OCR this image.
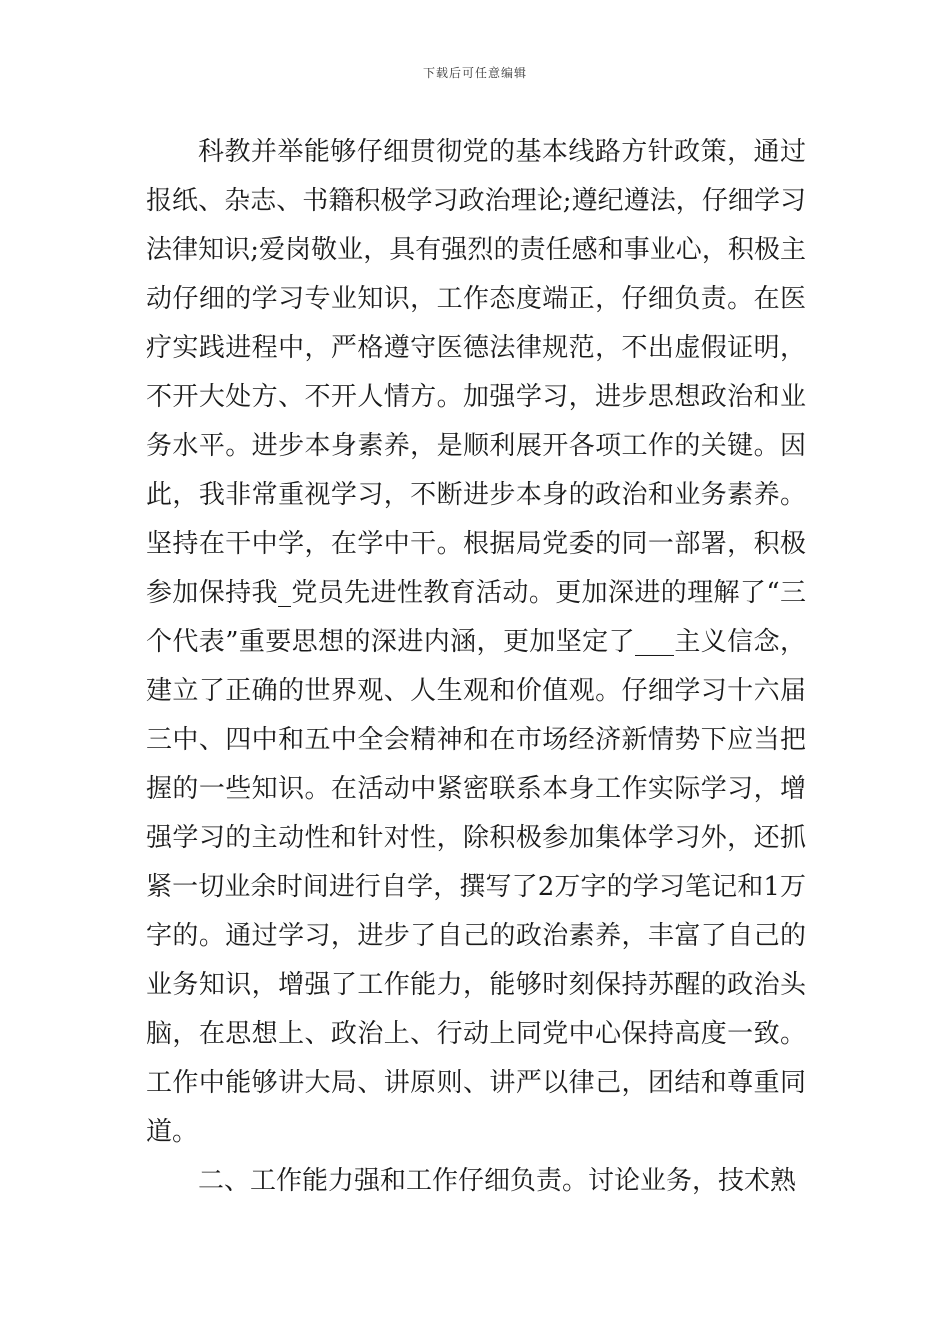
下载后可任意编辑

科教并举能够仔细贯彻党的基本线路方针政策，通过报纸、杂志、书籍积极学习政治理论;遵纪遵法，仔细学习法律知识;爱岗敬业，具有强烈的责任感和事业心，积极主动仔细的学习专业知识，工作态度端正，仔细负责。在医疗实践进程中，严格遵守医德法律规范，不出虚假证明，不开大处方、不开人情方。加强学习，进步思想政治和业务水平。进步本身素养，是顺利展开各项工作的关键。因此，我非常重视学习，不断进步本身的政治和业务素养。坚持在干中学，在学中干。根据局党委的同一部署，积极参加保持我_党员先进性教育活动。更加深进的理解了“三个代表”重要思想的深进内涵，更加坚定了___主义信念，建立了正确的世界观、人生观和价值观。仔细学习十六届三中、四中和五中全会精神和在市场经济新情势下应当把握的一些知识。在活动中紧密联系本身工作实际学习，增强学习的主动性和针对性，除积极参加集体学习外，还抓紧一切业余时间进行自学，撰写了2万字的学习笔记和1万字的。通过学习，进步了自己的政治素养，丰富了自己的业务知识，增强了工作能力，能够时刻保持苏醒的政治头脑，在思想上、政治上、行动上同党中心保持高度一致。工作中能够讲大局、讲原则、讲严以律己，团结和尊重同道。

二、工作能力强和工作仔细负责。讨论业务，技术熟
